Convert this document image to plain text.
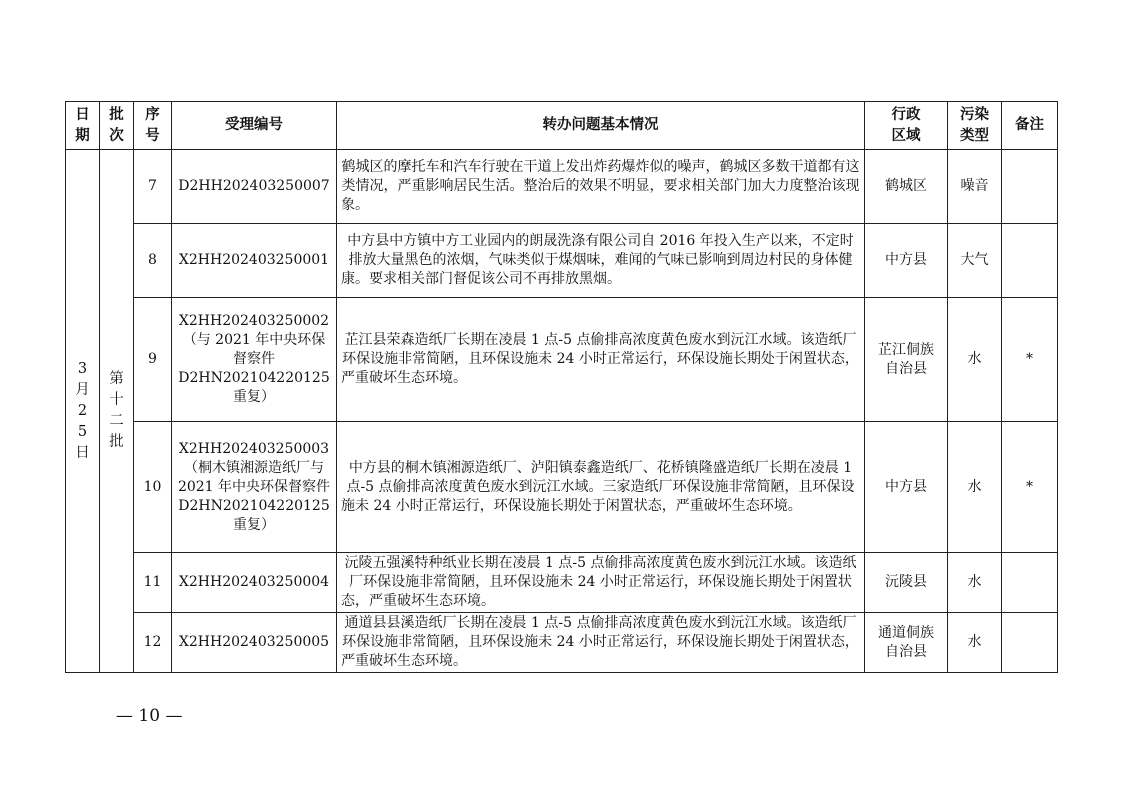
日期	批次	序号	受理编号	转办问题基本情况	行政区域	污染类型	备注
3月25日	第十二批	7	D2HH202403250007	鹤城区的摩托车和汽车行驶在干道上发出炸药爆炸似的噪声，鹤城区多数干道都有这类情况，严重影响居民生活。整治后的效果不明显，要求相关部门加大力度整治该现象。	鹤城区	噪音	
		8	X2HH202403250001	中方县中方镇中方工业园内的朗晟洗涤有限公司自 2016 年投入生产以来，不定时排放大量黑色的浓烟，气味类似于煤烟味，难闻的气味已影响到周边村民的身体健康。要求相关部门督促该公司不再排放黑烟。	中方县	大气	
		9	X2HH202403250002（与 2021 年中央环保督察件 D2HN202104220125 重复）	芷江县荣森造纸厂长期在凌晨 1 点-5 点偷排高浓度黄色废水到沅江水域。该造纸厂环保设施非常简陋，且环保设施未 24 小时正常运行，环保设施长期处于闲置状态，严重破坏生态环境。	芷江侗族自治县	水	*
		10	X2HH202403250003（桐木镇湘源造纸厂与 2021 年中央环保督察件 D2HN202104220125 重复）	中方县的桐木镇湘源造纸厂、泸阳镇泰鑫造纸厂、花桥镇隆盛造纸厂长期在凌晨 1 点-5 点偷排高浓度黄色废水到沅江水域。三家造纸厂环保设施非常简陋，且环保设施未 24 小时正常运行，环保设施长期处于闲置状态，严重破坏生态环境。	中方县	水	*
		11	X2HH202403250004	沅陵五强溪特种纸业长期在凌晨 1 点-5 点偷排高浓度黄色废水到沅江水域。该造纸厂环保设施非常简陋，且环保设施未 24 小时正常运行，环保设施长期处于闲置状态，严重破坏生态环境。	沅陵县	水	
		12	X2HH202403250005	通道县县溪造纸厂长期在凌晨 1 点-5 点偷排高浓度黄色废水到沅江水域。该造纸厂环保设施非常简陋，且环保设施未 24 小时正常运行，环保设施长期处于闲置状态，严重破坏生态环境。	通道侗族自治县	水	
— 10 —
